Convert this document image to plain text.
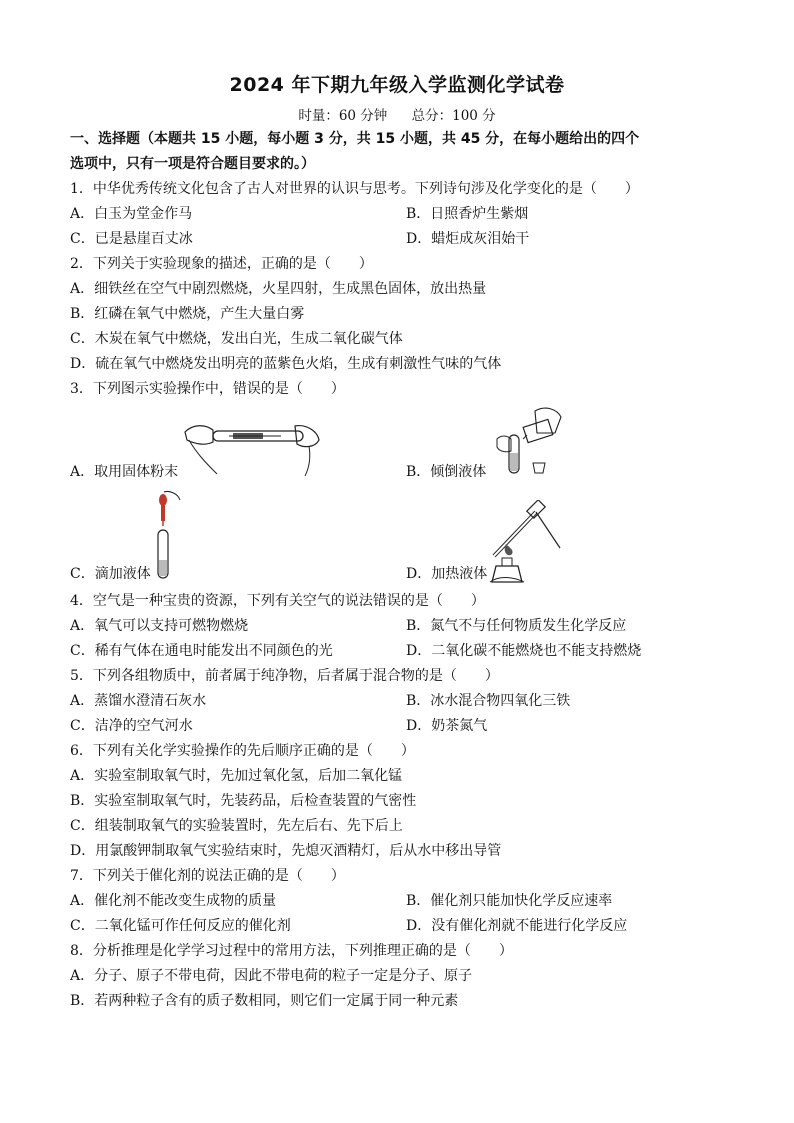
2024 年下期九年级入学监测化学试卷
时量：60 分钟 总分：100 分
一、选择题（本题共 15 小题，每小题 3 分，共 15 小题，共 45 分，在每小题给出的四个
选项中，只有一项是符合题目要求的。）
1．中华优秀传统文化包含了古人对世界的认识与思考。下列诗句涉及化学变化的是（　　）
A．白玉为堂金作马	B．日照香炉生紫烟
C．已是悬崖百丈冰	D．蜡炬成灰泪始干
2．下列关于实验现象的描述，正确的是（　　）
A．细铁丝在空气中剧烈燃烧，火星四射，生成黑色固体，放出热量
B．红磷在氧气中燃烧，产生大量白雾
C．木炭在氧气中燃烧，发出白光，生成二氧化碳气体
D．硫在氧气中燃烧发出明亮的蓝紫色火焰，生成有刺激性气味的气体
3．下列图示实验操作中，错误的是（　　）
A．取用固体粉末	B．倾倒液体
C．滴加液体	D．加热液体
4．空气是一种宝贵的资源，下列有关空气的说法错误的是（　　）
A．氧气可以支持可燃物燃烧	B．氮气不与任何物质发生化学反应
C．稀有气体在通电时能发出不同颜色的光	D．二氧化碳不能燃烧也不能支持燃烧
5．下列各组物质中，前者属于纯净物，后者属于混合物的是（　　）
A．蒸馏水澄清石灰水	B．冰水混合物四氧化三铁
C．洁净的空气河水	D．奶茶氮气
6．下列有关化学实验操作的先后顺序正确的是（　　）
A．实验室制取氧气时，先加过氧化氢，后加二氧化锰
B．实验室制取氧气时，先装药品，后检查装置的气密性
C．组装制取氧气的实验装置时，先左后右、先下后上
D．用氯酸钾制取氧气实验结束时，先熄灭酒精灯，后从水中移出导管
7．下列关于催化剂的说法正确的是（　　）
A．催化剂不能改变生成物的质量	B．催化剂只能加快化学反应速率
C．二氧化锰可作任何反应的催化剂	D．没有催化剂就不能进行化学反应
8．分析推理是化学学习过程中的常用方法，下列推理正确的是（　　）
A．分子、原子不带电荷，因此不带电荷的粒子一定是分子、原子
B．若两种粒子含有的质子数相同，则它们一定属于同一种元素
